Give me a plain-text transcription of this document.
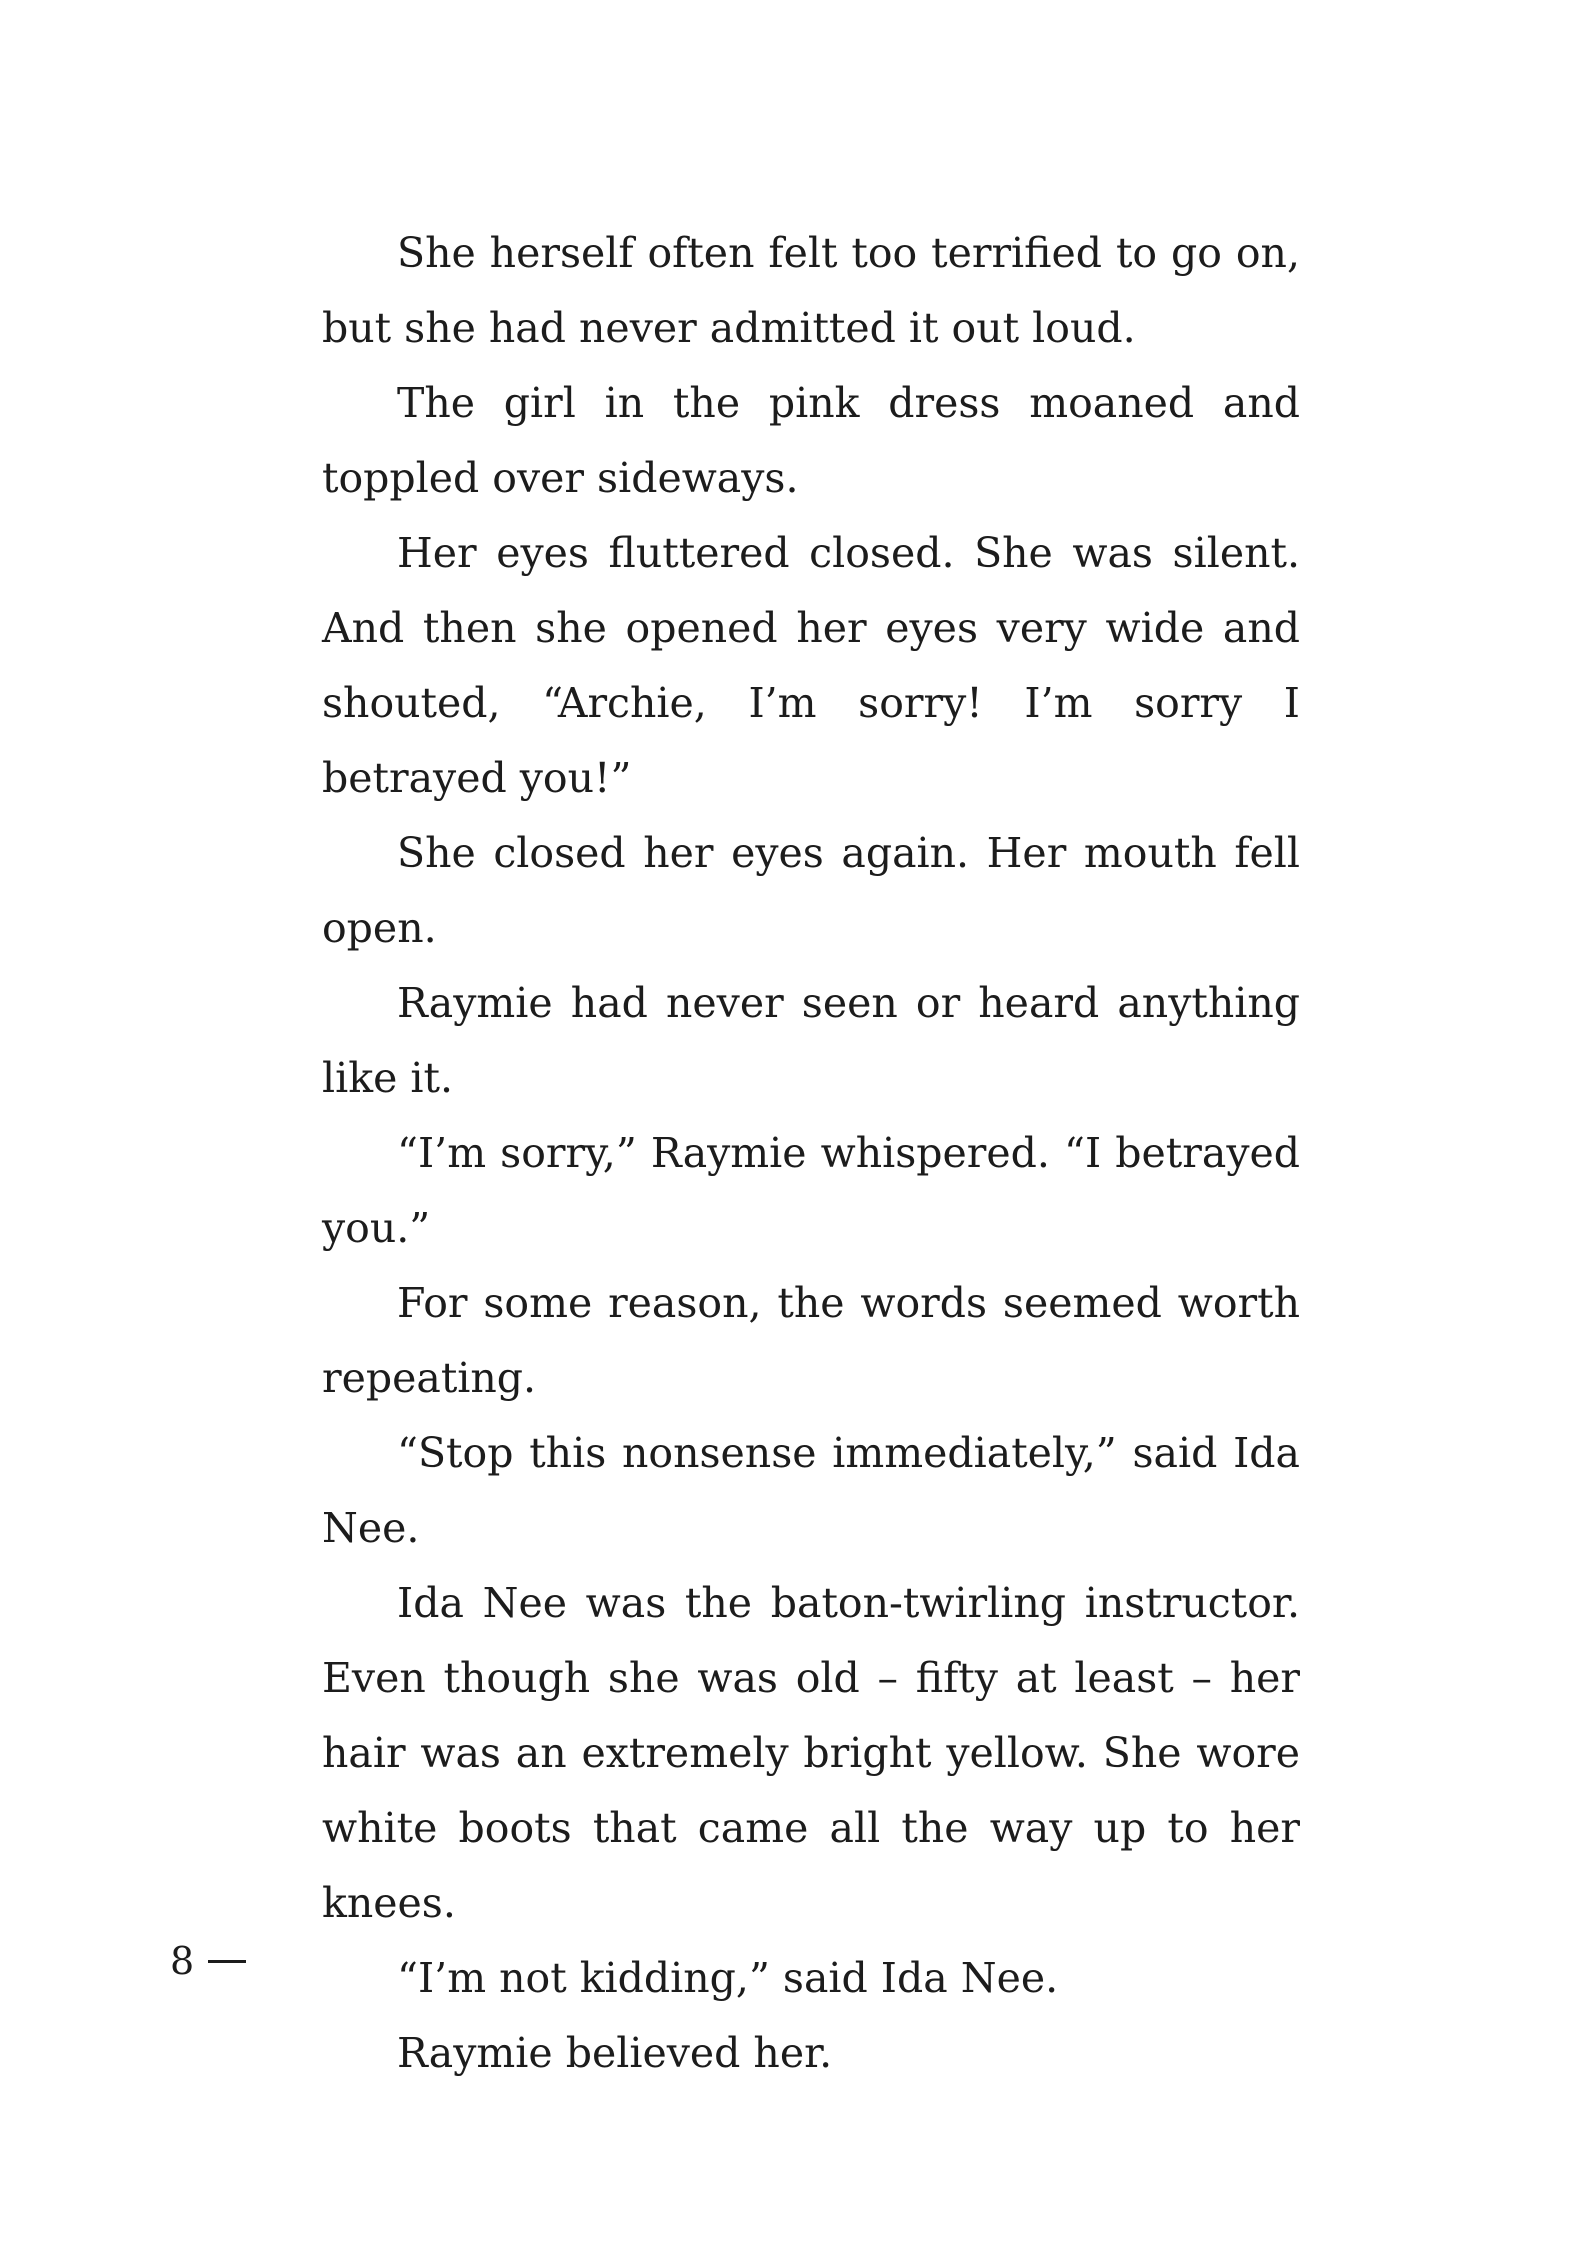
She herself often felt too terrified to go on, but she had never admitted it out loud.

The girl in the pink dress moaned and toppled over sideways.

Her eyes fluttered closed. She was silent. And then she opened her eyes very wide and shouted, “Archie, I’m sorry! I’m sorry I betrayed you!”

She closed her eyes again. Her mouth fell open.

Raymie had never seen or heard anything like it.

“I’m sorry,” Raymie whispered. “I betrayed you.”

For some reason, the words seemed worth repeating.

“Stop this nonsense immediately,” said Ida Nee.

Ida Nee was the baton-twirling instructor. Even though she was old – fifty at least – her hair was an extremely bright yellow. She wore white boots that came all the way up to her knees.

“I’m not kidding,” said Ida Nee.

Raymie believed her.

8
